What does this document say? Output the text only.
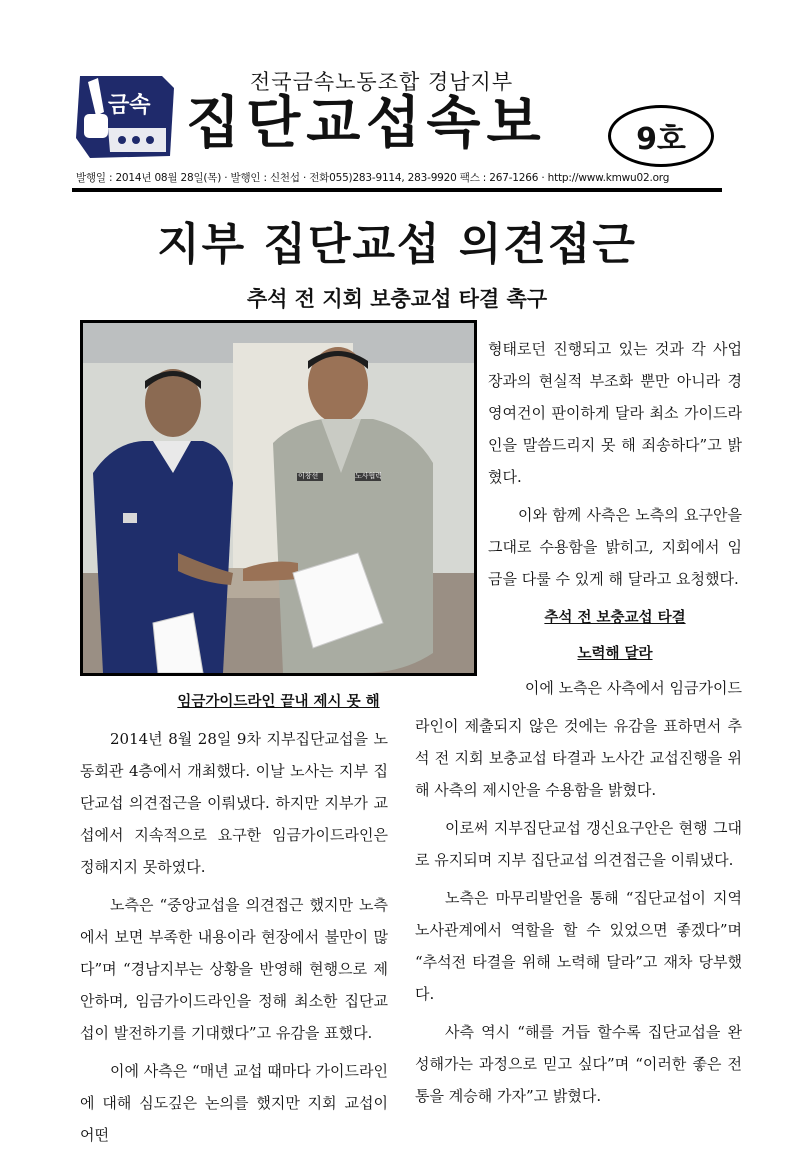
금속
전국금속노동조합 경남지부
집단교섭속보	9호
발행일 : 2014년 08월 28일(목) · 발행인 : 신천섭 · 전화055)283-9114, 283-9920 팩스 : 267-1266 · http://www.kmwu02.org
지부 집단교섭 의견접근
추석 전 지회 보충교섭 타결 촉구
이창선	노사협력

형태로던 진행되고 있는 것과 각 사업장과의 현실적 부조화 뿐만 아니라 경영여건이 판이하게 달라 최소 가이드라인을 말씀드리지 못 해 죄송하다”고 밝혔다.

이와 함께 사측은 노측의 요구안을 그대로 수용함을 밝히고, 지회에서 임금을 다룰 수 있게 해 달라고 요청했다.

추석 전 보충교섭 타결
노력해 달라
임금가이드라인 끝내 제시 못 해

2014년 8월 28일 9차 지부집단교섭을 노동회관 4층에서 개최했다. 이날 노사는 지부 집단교섭 의견접근을 이뤄냈다. 하지만 지부가 교섭에서 지속적으로 요구한 임금가이드라인은 정해지지 못하였다.

노측은 “중앙교섭을 의견접근 했지만 노측에서 보면 부족한 내용이라 현장에서 불만이 많다”며 “경남지부는 상황을 반영해 현행으로 제안하며, 임금가이드라인을 정해 최소한 집단교섭이 발전하기를 기대했다”고 유감을 표했다.

이에 사측은 “매년 교섭 때마다 가이드라인에 대해 심도깊은 논의를 했지만 지회 교섭이 어떤

이에 노측은 사측에서 임금가이드

라인이 제출되지 않은 것에는 유감을 표하면서 추석 전 지회 보충교섭 타결과 노사간 교섭진행을 위해 사측의 제시안을 수용함을 밝혔다.

이로써 지부집단교섭 갱신요구안은 현행 그대로 유지되며 지부 집단교섭 의견접근을 이뤄냈다.

노측은 마무리발언을 통해 “집단교섭이 지역 노사관계에서 역할을 할 수 있었으면 좋겠다”며 “추석전 타결을 위해 노력해 달라”고 재차 당부했다.

사측 역시 “해를 거듭 할수록 집단교섭을 완성해가는 과정으로 믿고 싶다”며 “이러한 좋은 전통을 계승해 가자”고 밝혔다.
